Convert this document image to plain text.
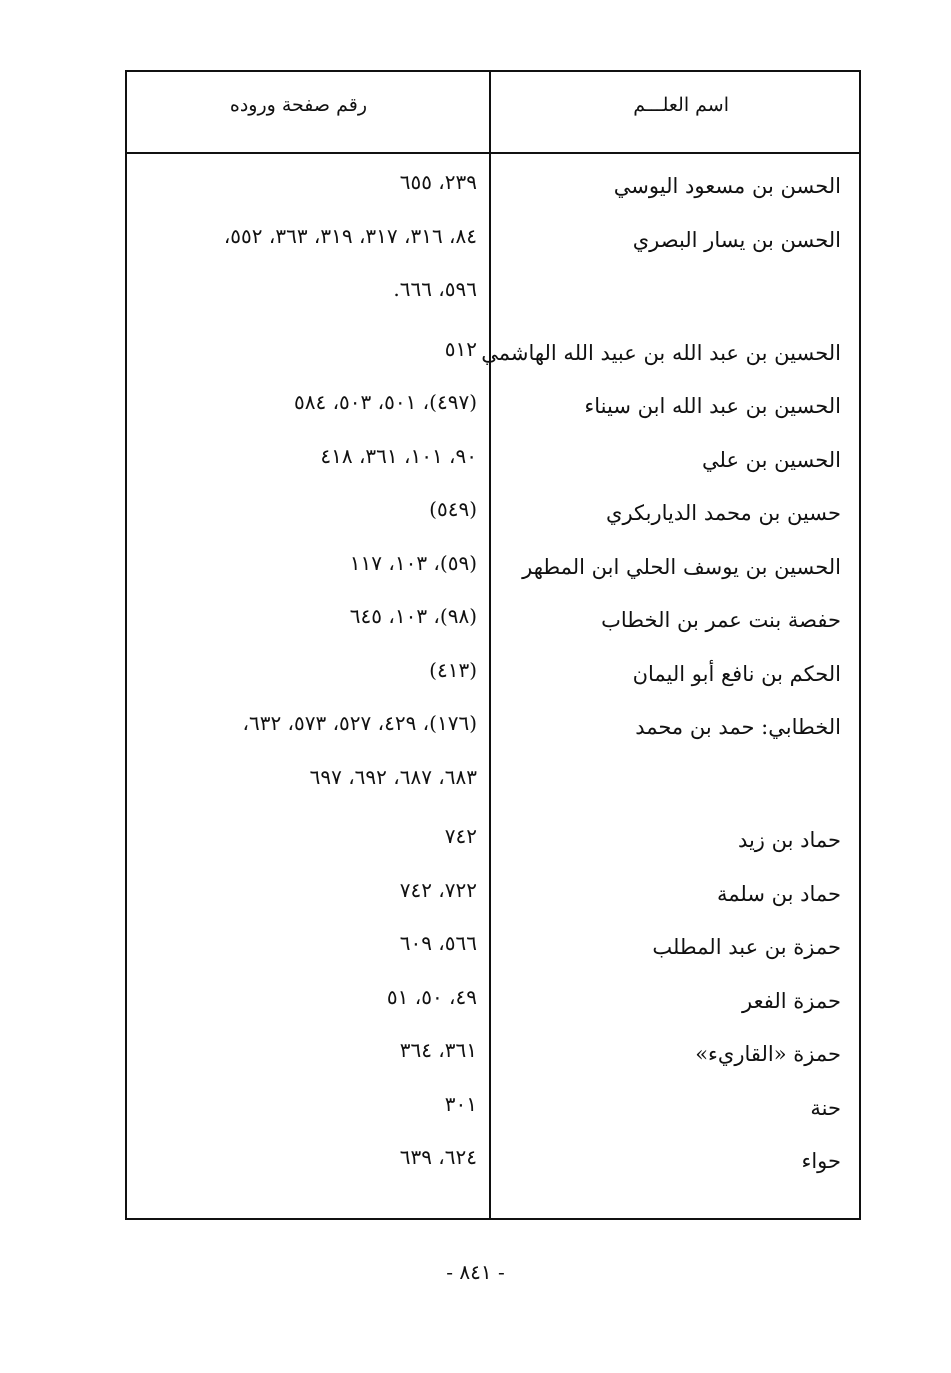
اسم العلـــم
رقم صفحة وروده
الحسن بن مسعود اليوسي
٢٣٩، ٦٥٥
الحسن بن يسار البصري
٨٤، ٣١٦، ٣١٧، ٣١٩، ٣٦٣، ٥٥٢،
٥٩٦، ٦٦٦.
الحسين بن عبد الله بن عبيد الله الهاشمي
٥١٢
الحسين بن عبد الله ابن سيناء
(٤٩٧)، ٥٠١، ٥٠٣، ٥٨٤
الحسين بن علي
٩٠، ١٠١، ٣٦١، ٤١٨
حسين بن محمد الدياربكري
(٥٤٩)
الحسين بن يوسف الحلي ابن المطهر
(٥٩)، ١٠٣، ١١٧
حفصة بنت عمر بن الخطاب
(٩٨)، ١٠٣، ٦٤٥
الحكم بن نافع أبو اليمان
(٤١٣)
الخطابي: حمد بن محمد
(١٧٦)، ٤٢٩، ٥٢٧، ٥٧٣، ٦٣٢،
٦٨٣، ٦٨٧، ٦٩٢، ٦٩٧
حماد بن زيد
٧٤٢
حماد بن سلمة
٧٢٢، ٧٤٢
حمزة بن عبد المطلب
٥٦٦، ٦٠٩
حمزة الفعر
٤٩، ٥٠، ٥١
حمزة «القاريء»
٣٦١، ٣٦٤
حنة
٣٠١
حواء
٦٢٤، ٦٣٩
- ٨٤١ -
